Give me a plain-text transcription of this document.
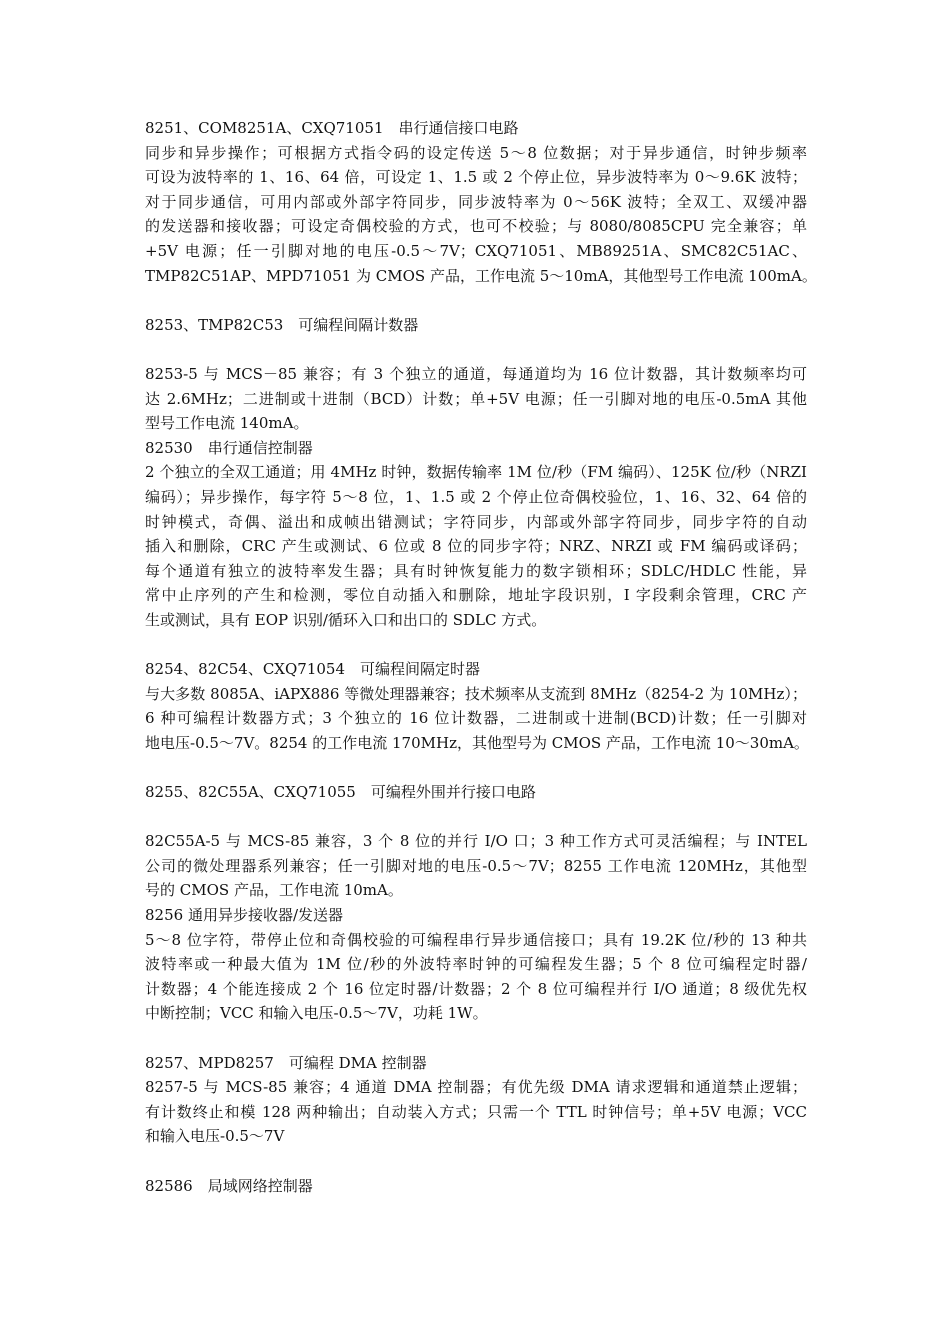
8251、COM8251A、CXQ71051　串行通信接口电路
同步和异步操作；可根据方式指令码的设定传送 5～8 位数据；对于异步通信，时钟步频率
可设为波特率的 1、16、64 倍，可设定 1、1.5 或 2 个停止位，异步波特率为 0～9.6K 波特；
对于同步通信，可用内部或外部字符同步，同步波特率为 0～56K 波特；全双工、双缓冲器
的发送器和接收器；可设定奇偶校验的方式，也可不校验；与 8080/8085CPU 完全兼容；单
+5V 电源；任一引脚对地的电压-0.5～7V；CXQ71051、MB89251A、SMC82C51AC、
TMP82C51AP、MPD71051 为 CMOS 产品，工作电流 5～10mA，其他型号工作电流 100mA。
8253、TMP82C53　可编程间隔计数器
8253-5 与 MCS－85 兼容；有 3 个独立的通道，每通道均为 16 位计数器，其计数频率均可
达 2.6MHz；二进制或十进制（BCD）计数；单+5V 电源；任一引脚对地的电压-0.5mA 其他
型号工作电流 140mA。
82530　串行通信控制器
2 个独立的全双工通道；用 4MHz 时钟，数据传输率 1M 位/秒（FM 编码）、125K 位/秒（NRZI
编码）；异步操作，每字符 5～8 位，1、1.5 或 2 个停止位奇偶校验位，1、16、32、64 倍的
时钟模式，奇偶、溢出和成帧出错测试；字符同步，内部或外部字符同步，同步字符的自动
插入和删除，CRC 产生或测试、6 位或 8 位的同步字符；NRZ、NRZI 或 FM 编码或译码；
每个通道有独立的波特率发生器；具有时钟恢复能力的数字锁相环；SDLC/HDLC 性能，异
常中止序列的产生和检测，零位自动插入和删除，地址字段识别，I 字段剩余管理，CRC 产
生或测试，具有 EOP 识别/循环入口和出口的 SDLC 方式。
8254、82C54、CXQ71054　可编程间隔定时器
与大多数 8085A、iAPX886 等微处理器兼容；技术频率从支流到 8MHz（8254-2 为 10MHz）；
6 种可编程计数器方式；3 个独立的 16 位计数器，二进制或十进制(BCD)计数；任一引脚对
地电压-0.5～7V。8254 的工作电流 170MHz，其他型号为 CMOS 产品，工作电流 10～30mA。
8255、82C55A、CXQ71055　可编程外围并行接口电路
82C55A-5 与 MCS-85 兼容，3 个 8 位的并行 I/O 口；3 种工作方式可灵活编程；与 INTEL
公司的微处理器系列兼容；任一引脚对地的电压-0.5～7V；8255 工作电流 120MHz，其他型
号的 CMOS 产品，工作电流 10mA。
8256 通用异步接收器/发送器
5～8 位字符，带停止位和奇偶校验的可编程串行异步通信接口；具有 19.2K 位/秒的 13 种共
波特率或一种最大值为 1M 位/秒的外波特率时钟的可编程发生器；5 个 8 位可编程定时器/
计数器；4 个能连接成 2 个 16 位定时器/计数器；2 个 8 位可编程并行 I/O 通道；8 级优先权
中断控制；VCC 和输入电压-0.5～7V，功耗 1W。
8257、MPD8257　可编程 DMA 控制器
8257-5 与 MCS-85 兼容；4 通道 DMA 控制器；有优先级 DMA 请求逻辑和通道禁止逻辑；
有计数终止和模 128 两种输出；自动装入方式；只需一个 TTL 时钟信号；单+5V 电源；VCC
和输入电压-0.5～7V
82586　局域网络控制器
